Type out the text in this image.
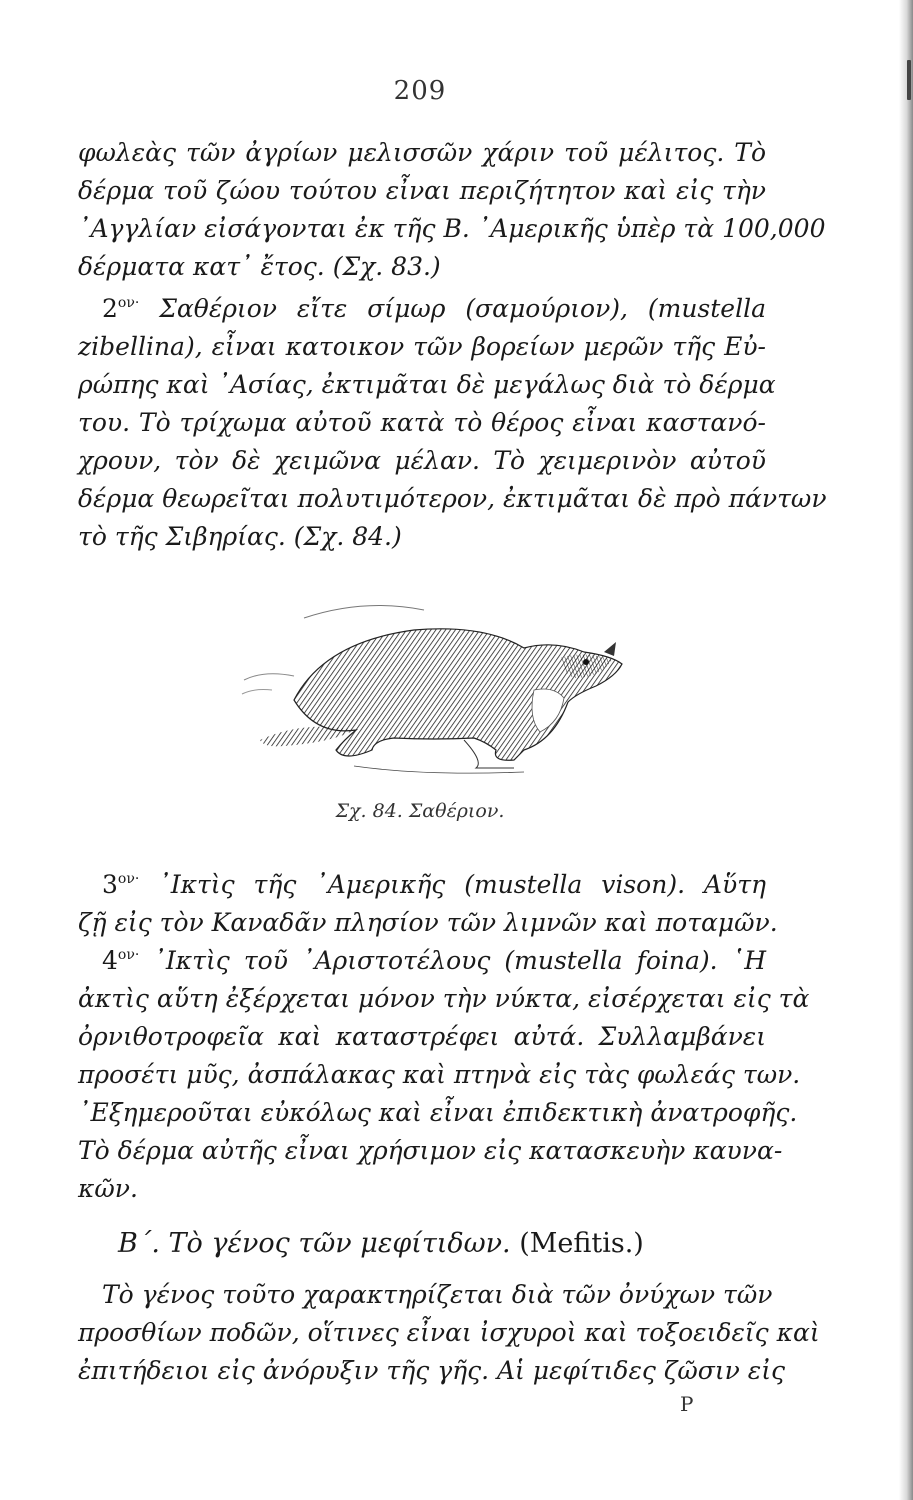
209
φωλεὰς τῶν ἀγρίων μελισσῶν χάριν τοῦ μέλιτος. Τὸ
δέρμα τοῦ ζώου τούτου εἶναι περιζήτητον καὶ εἰς τὴν
᾿Αγγλίαν εἰσάγονται ἐκ τῆς Β. ᾿Αμερικῆς ὑπὲρ τὰ 100,000
δέρματα κατ᾽ ἔτος. (Σχ. 83.)
$2^{o\nu\cdot}$ Σαθέριον εἴτε σίμωρ (σαμούριον), (mustella
zibellina), εἶναι κατοικον τῶν βορείων μερῶν τῆς Εὐ-
ρώπης καὶ ᾿Ασίας, ἐκτιμᾶται δὲ μεγάλως διὰ τὸ δέρμα
του. Τὸ τρίχωμα αὐτοῦ κατὰ τὸ θέρος εἶναι καστανό-
χρουν, τὸν δὲ χειμῶνα μέλαν. Τὸ χειμερινὸν αὐτοῦ
δέρμα θεωρεῖται πολυτιμότερον, ἐκτιμᾶται δὲ πρὸ πάντων
τὸ τῆς Σιβηρίας. (Σχ. 84.)
Σχ. 84. Σαθέριον.
$3^{o\nu\cdot}$ ᾿Ικτὶς τῆς ᾿Αμερικῆς (mustella vison). Αὕτη
ζῇ εἰς τὸν Καναδᾶν πλησίον τῶν λιμνῶν καὶ ποταμῶν.
$4^{o\nu\cdot}$ ᾿Ικτὶς τοῦ ᾿Αριστοτέλους (mustella foina). ῾Η
ἀκτὶς αὕτη ἐξέρχεται μόνον τὴν νύκτα, εἰσέρχεται εἰς τὰ
ὀρνιθοτροφεῖα καὶ καταστρέφει αὐτά. Συλλαμβάνει
προσέτι μῦς, ἀσπάλακας καὶ πτηνὰ εἰς τὰς φωλεάς των.
᾿Εξημεροῦται εὐκόλως καὶ εἶναι ἐπιδεκτικὴ ἀνατροφῆς.
Τὸ δέρμα αὐτῆς εἶναι χρήσιμον εἰς κατασκευὴν καυνα-
κῶν.
Β΄. Τὸ γένος τῶν μεφίτιδων. (Mefitis.)
Τὸ γένος τοῦτο χαρακτηρίζεται διὰ τῶν ὀνύχων τῶν
προσθίων ποδῶν, οἵτινες εἶναι ἰσχυροὶ καὶ τοξοειδεῖς καὶ
ἐπιτήδειοι εἰς ἀνόρυξιν τῆς γῆς. Αἱ μεφίτιδες ζῶσιν εἰς
P
